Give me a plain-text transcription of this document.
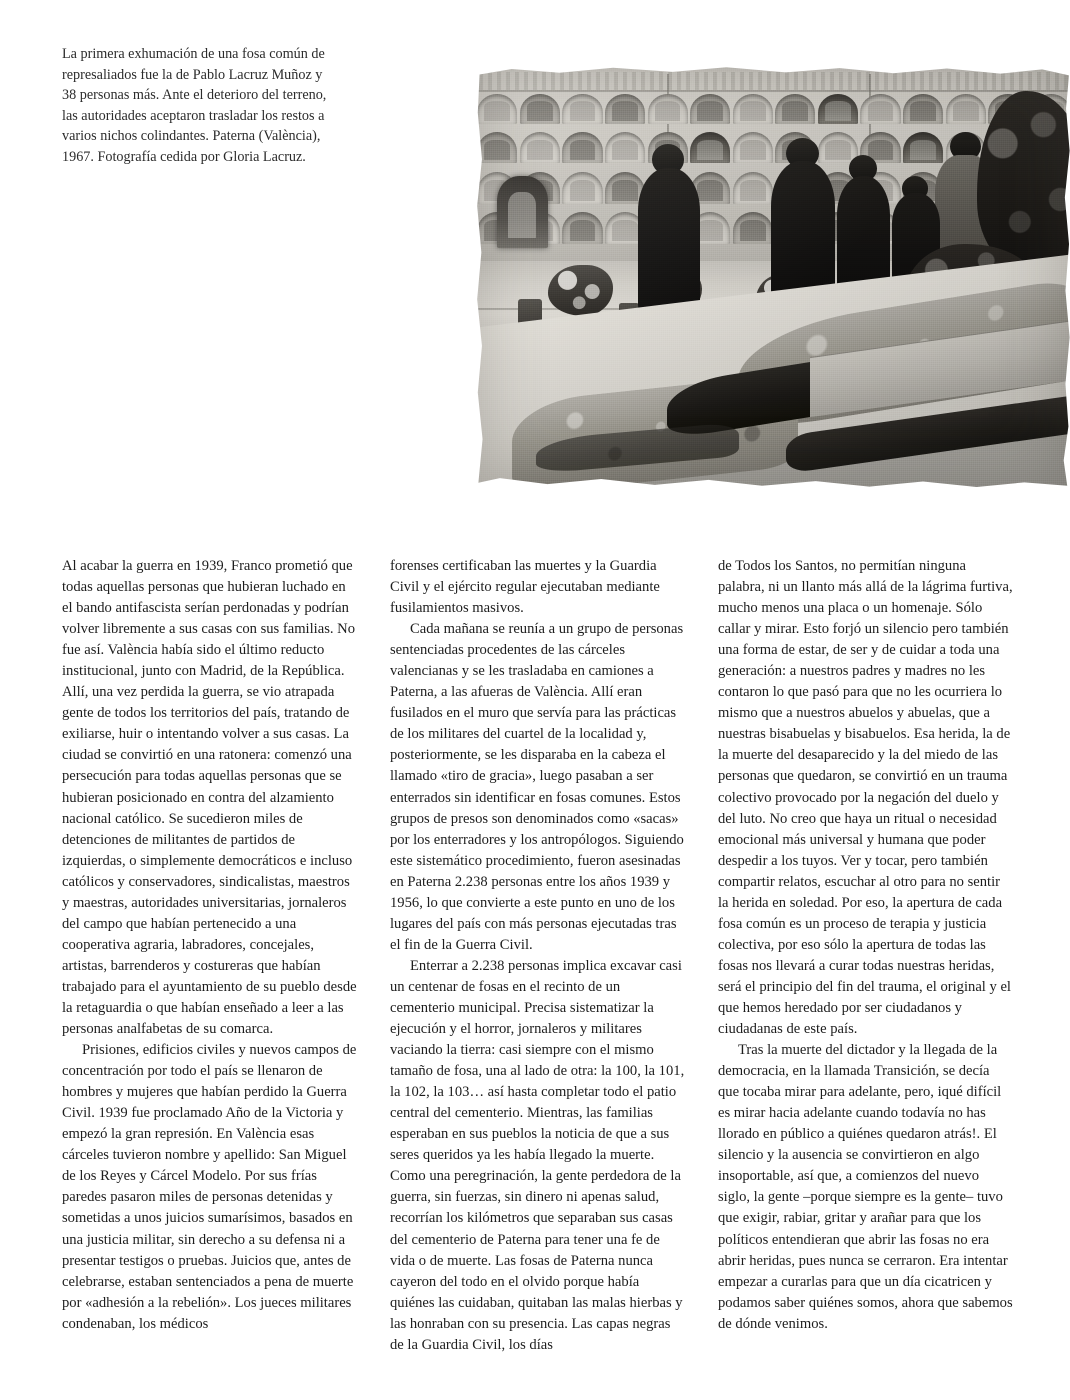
La primera exhumación de una fosa común de represaliados fue la de Pablo Lacruz Muñoz y 38 personas más. Ante el deterioro del terreno, las autoridades aceptaron trasladar los restos a varios nichos colindantes. Paterna (València), 1967. Fotografía cedida por Gloria Lacruz.

Al acabar la guerra en 1939, Franco prometió que todas aquellas personas que hubieran luchado en el bando antifascista serían perdonadas y podrían volver libremente a sus casas con sus familias. No fue así. València había sido el último reducto institucional, junto con Madrid, de la República. Allí, una vez perdida la guerra, se vio atrapada gente de todos los territorios del país, tratando de exiliarse, huir o intentando volver a sus casas. La ciudad se convirtió en una ratonera: comenzó una persecución para todas aquellas personas que se hubieran posicionado en contra del alzamiento nacional católico. Se sucedieron miles de detenciones de militantes de partidos de izquierdas, o simplemente democráticos e incluso católicos y conservadores, sindicalistas, maestros y maestras, autoridades universitarias, jornaleros del campo que habían pertenecido a una cooperativa agraria, labradores, concejales, artistas, barrenderos y costureras que habían trabajado para el ayuntamiento de su pueblo desde la retaguardia o que habían enseñado a leer a las personas analfabetas de su comarca.

Prisiones, edificios civiles y nuevos campos de concentración por todo el país se llenaron de hombres y mujeres que habían perdido la Guerra Civil. 1939 fue proclamado Año de la Victoria y empezó la gran represión. En València esas cárceles tuvieron nombre y apellido: San Miguel de los Reyes y Cárcel Modelo. Por sus frías paredes pasaron miles de personas detenidas y sometidas a unos juicios sumarísimos, basados en una justicia militar, sin derecho a su defensa ni a presentar testigos o pruebas. Juicios que, antes de celebrarse, estaban sentenciados a pena de muerte por «adhesión a la rebelión». Los jueces militares condenaban, los médicos

forenses certificaban las muertes y la Guardia Civil y el ejército regular ejecutaban mediante fusilamientos masivos.

Cada mañana se reunía a un grupo de personas sentenciadas procedentes de las cárceles valencianas y se les trasladaba en camiones a Paterna, a las afueras de València. Allí eran fusilados en el muro que servía para las prácticas de los militares del cuartel de la localidad y, posteriormente, se les disparaba en la cabeza el llamado «tiro de gracia», luego pasaban a ser enterrados sin identificar en fosas comunes. Estos grupos de presos son denominados como «sacas» por los enterradores y los antropólogos. Siguiendo este sistemático procedimiento, fueron asesinadas en Paterna 2.238 personas entre los años 1939 y 1956, lo que convierte a este punto en uno de los lugares del país con más personas ejecutadas tras el fin de la Guerra Civil.

Enterrar a 2.238 personas implica excavar casi un centenar de fosas en el recinto de un cementerio municipal. Precisa sistematizar la ejecución y el horror, jornaleros y militares vaciando la tierra: casi siempre con el mismo tamaño de fosa, una al lado de otra: la 100, la 101, la 102, la 103… así hasta completar todo el patio central del cementerio. Mientras, las familias esperaban en sus pueblos la noticia de que a sus seres queridos ya les había llegado la muerte. Como una peregrinación, la gente perdedora de la guerra, sin fuerzas, sin dinero ni apenas salud, recorrían los kilómetros que separaban sus casas del cementerio de Paterna para tener una fe de vida o de muerte. Las fosas de Paterna nunca cayeron del todo en el olvido porque había quiénes las cuidaban, quitaban las malas hierbas y las honraban con su presencia. Las capas negras de la Guardia Civil, los días

de Todos los Santos, no permitían ninguna palabra, ni un llanto más allá de la lágrima furtiva, mucho menos una placa o un homenaje. Sólo callar y mirar. Esto forjó un silencio pero también una forma de estar, de ser y de cuidar a toda una generación: a nuestros padres y madres no les contaron lo que pasó para que no les ocurriera lo mismo que a nuestros abuelos y abuelas, que a nuestras bisabuelas y bisabuelos. Esa herida, la de la muerte del desaparecido y la del miedo de las personas que quedaron, se convirtió en un trauma colectivo provocado por la negación del duelo y del luto. No creo que haya un ritual o necesidad emocional más universal y humana que poder despedir a los tuyos. Ver y tocar, pero también compartir relatos, escuchar al otro para no sentir la herida en soledad. Por eso, la apertura de cada fosa común es un proceso de terapia y justicia colectiva, por eso sólo la apertura de todas las fosas nos llevará a curar todas nuestras heridas, será el principio del fin del trauma, el original y el que hemos heredado por ser ciudadanos y ciudadanas de este país.

Tras la muerte del dictador y la llegada de la democracia, en la llamada Transición, se decía que tocaba mirar para adelante, pero, iqué difícil es mirar hacia adelante cuando todavía no has llorado en público a quiénes quedaron atrás!. El silencio y la ausencia se convirtieron en algo insoportable, así que, a comienzos del nuevo siglo, la gente –porque siempre es la gente– tuvo que exigir, rabiar, gritar y arañar para que los políticos entendieran que abrir las fosas no era abrir heridas, pues nunca se cerraron. Era intentar empezar a curarlas para que un día cicatricen y podamos saber quiénes somos, ahora que sabemos de dónde venimos.
